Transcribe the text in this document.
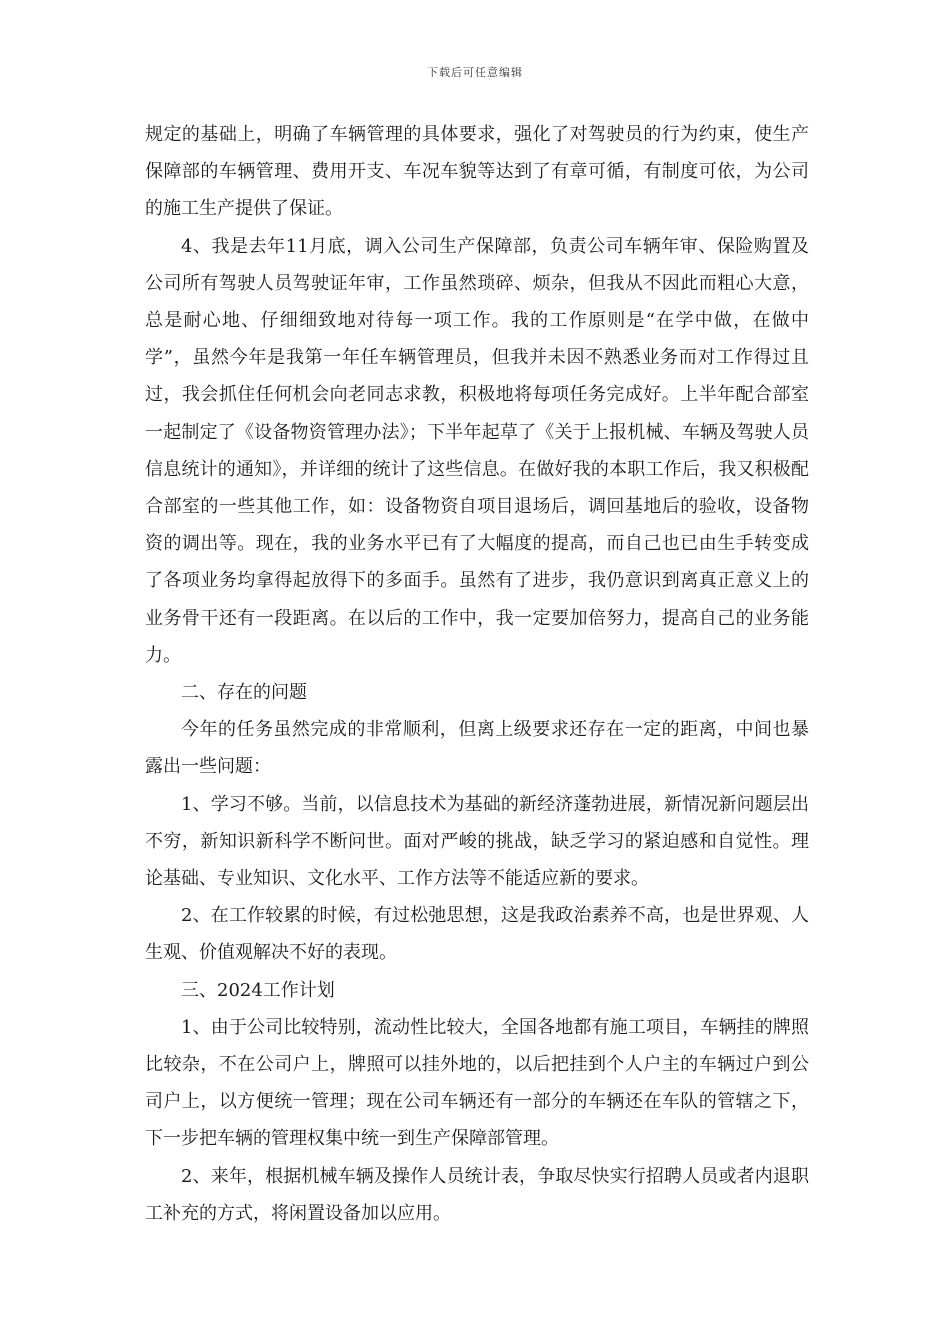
下载后可任意编辑

规定的基础上，明确了车辆管理的具体要求，强化了对驾驶员的行为约束，使生产保障部的车辆管理、费用开支、车况车貌等达到了有章可循，有制度可依，为公司的施工生产提供了保证。

4、我是去年11月底，调入公司生产保障部，负责公司车辆年审、保险购置及公司所有驾驶人员驾驶证年审，工作虽然琐碎、烦杂，但我从不因此而粗心大意，总是耐心地、仔细细致地对待每一项工作。我的工作原则是“在学中做，在做中学”，虽然今年是我第一年任车辆管理员，但我并未因不熟悉业务而对工作得过且过，我会抓住任何机会向老同志求教，积极地将每项任务完成好。上半年配合部室一起制定了《设备物资管理办法》；下半年起草了《关于上报机械、车辆及驾驶人员信息统计的通知》，并详细的统计了这些信息。在做好我的本职工作后，我又积极配合部室的一些其他工作，如：设备物资自项目退场后，调回基地后的验收，设备物资的调出等。现在，我的业务水平已有了大幅度的提高，而自己也已由生手转变成了各项业务均拿得起放得下的多面手。虽然有了进步，我仍意识到离真正意义上的业务骨干还有一段距离。在以后的工作中，我一定要加倍努力，提高自己的业务能力。

二、存在的问题

今年的任务虽然完成的非常顺利，但离上级要求还存在一定的距离，中间也暴露出一些问题：

1、学习不够。当前，以信息技术为基础的新经济蓬勃进展，新情况新问题层出不穷，新知识新科学不断问世。面对严峻的挑战，缺乏学习的紧迫感和自觉性。理论基础、专业知识、文化水平、工作方法等不能适应新的要求。

2、在工作较累的时候，有过松弛思想，这是我政治素养不高，也是世界观、人生观、价值观解决不好的表现。

三、2024工作计划

1、由于公司比较特别，流动性比较大，全国各地都有施工项目，车辆挂的牌照比较杂，不在公司户上，牌照可以挂外地的，以后把挂到个人户主的车辆过户到公司户上，以方便统一管理；现在公司车辆还有一部分的车辆还在车队的管辖之下，下一步把车辆的管理权集中统一到生产保障部管理。

2、来年，根据机械车辆及操作人员统计表，争取尽快实行招聘人员或者内退职工补充的方式，将闲置设备加以应用。
